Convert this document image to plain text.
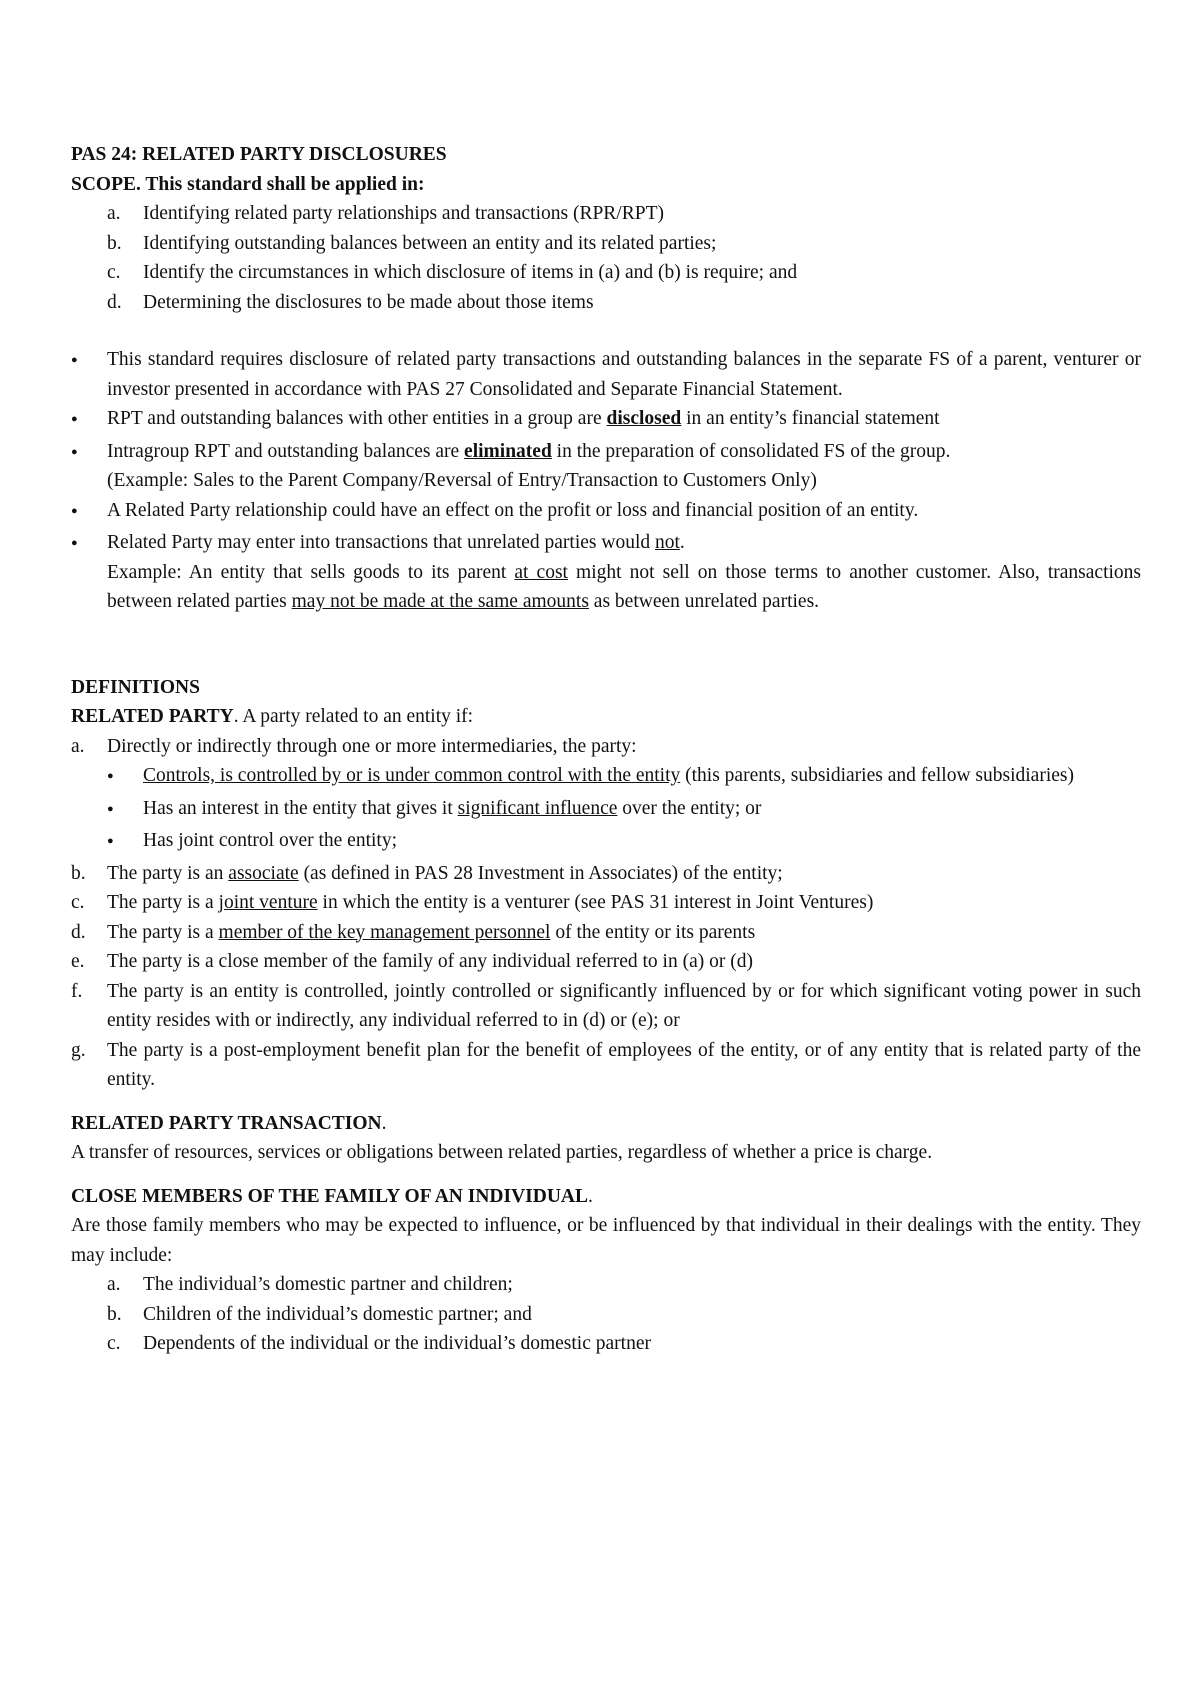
PAS 24: RELATED PARTY DISCLOSURES
SCOPE. This standard shall be applied in:
a.	Identifying related party relationships and transactions (RPR/RPT)
b.	Identifying outstanding balances between an entity and its related parties;
c.	Identify the circumstances in which disclosure of items in (a) and (b) is require; and
d.	Determining the disclosures to be made about those items
●
This standard requires disclosure of related party transactions and outstanding balances in the separate FS of a parent, venturer or investor presented in accordance with PAS 27 Consolidated and Separate Financial Statement.
●
RPT and outstanding balances with other entities in a group are disclosed in an entity’s financial statement
●
Intragroup RPT and outstanding balances are eliminated in the preparation of consolidated FS of the group.
(Example: Sales to the Parent Company/Reversal of Entry/Transaction to Customers Only)
●
A Related Party relationship could have an effect on the profit or loss and financial position of an entity.
●
Related Party may enter into transactions that unrelated parties would not.
Example: An entity that sells goods to its parent at cost might not sell on those terms to another customer. Also, transactions between related parties may not be made at the same amounts as between unrelated parties.
DEFINITIONS
RELATED PARTY. A party related to an entity if:
a.	Directly or indirectly through one or more intermediaries, the party:
●
Controls, is controlled by or is under common control with the entity (this parents, subsidiaries and fellow subsidiaries)
●
Has an interest in the entity that gives it significant influence over the entity; or
●
Has joint control over the entity;
b.	The party is an associate (as defined in PAS 28 Investment in Associates) of the entity;
c.	The party is a joint venture in which the entity is a venturer (see PAS 31 interest in Joint Ventures)
d.	The party is a member of the key management personnel of the entity or its parents
e.	The party is a close member of the family of any individual referred to in (a) or (d)
f.	The party is an entity is controlled, jointly controlled or significantly influenced by or for which significant voting power in such entity resides with or indirectly, any individual referred to in (d) or (e); or
g.	The party is a post-employment benefit plan for the benefit of employees of the entity, or of any entity that is related party of the entity.
RELATED PARTY TRANSACTION.
A transfer of resources, services or obligations between related parties, regardless of whether a price is charge.
CLOSE MEMBERS OF THE FAMILY OF AN INDIVIDUAL.
Are those family members who may be expected to influence, or be influenced by that individual in their dealings with the entity. They may include:
a.	The individual’s domestic partner and children;
b.	Children of the individual’s domestic partner; and
c.	Dependents of the individual or the individual’s domestic partner
